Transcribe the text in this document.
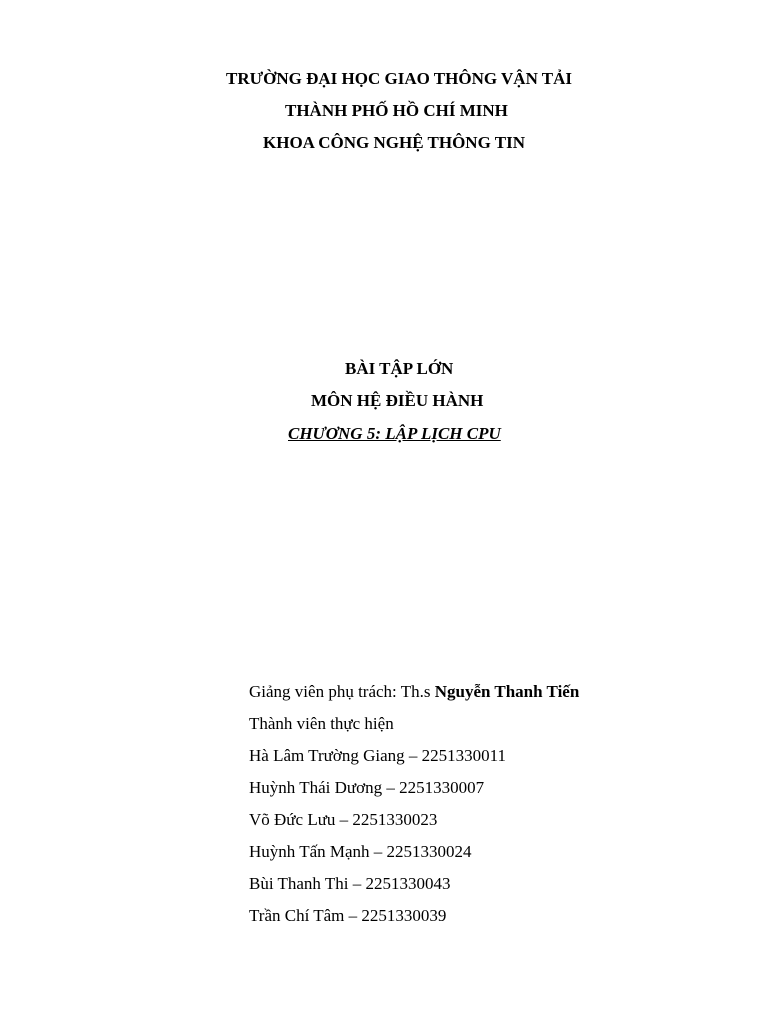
TRƯỜNG ĐẠI HỌC GIAO THÔNG VẬN TẢI
THÀNH PHỐ HỒ CHÍ MINH
KHOA CÔNG NGHỆ THÔNG TIN
BÀI TẬP LỚN
MÔN HỆ ĐIỀU HÀNH
CHƯƠNG 5: LẬP LỊCH CPU
Giảng viên phụ trách: Th.s Nguyễn Thanh Tiến
Thành viên thực hiện
Hà Lâm Trường Giang – 2251330011
Huỳnh Thái Dương – 2251330007
Võ Đức Lưu – 2251330023
Huỳnh Tấn Mạnh – 2251330024
Bùi Thanh Thi – 2251330043
Trần Chí Tâm – 2251330039
